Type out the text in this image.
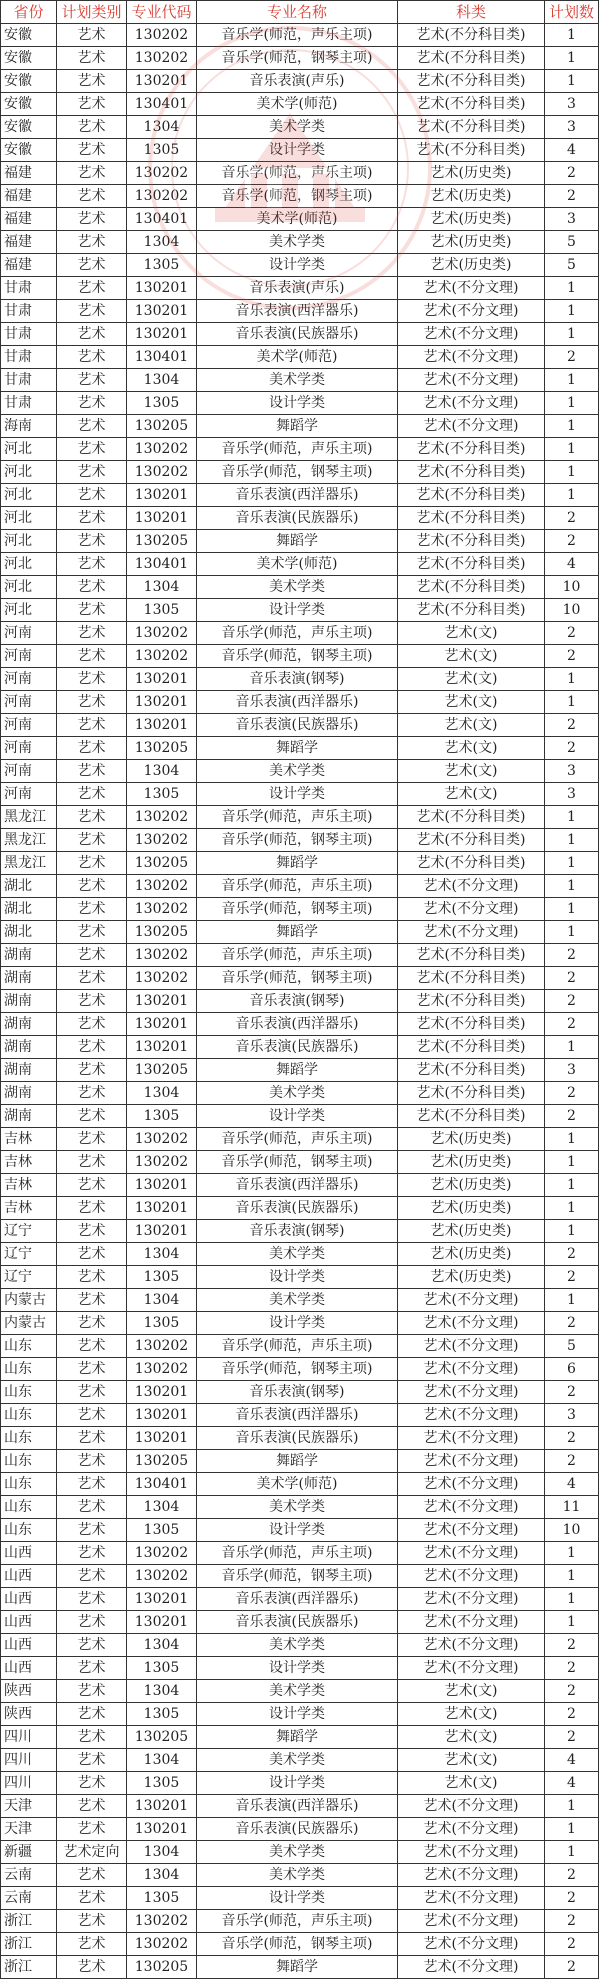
省份	计划类别	专业代码	专业名称	科类	计划数
安徽	艺术	130202	音乐学(师范，声乐主项)	艺术(不分科目类)	1
安徽	艺术	130202	音乐学(师范，钢琴主项)	艺术(不分科目类)	1
安徽	艺术	130201	音乐表演(声乐)	艺术(不分科目类)	1
安徽	艺术	130401	美术学(师范)	艺术(不分科目类)	3
安徽	艺术	1304	美术学类	艺术(不分科目类)	3
安徽	艺术	1305	设计学类	艺术(不分科目类)	4
福建	艺术	130202	音乐学(师范，声乐主项)	艺术(历史类)	2
福建	艺术	130202	音乐学(师范，钢琴主项)	艺术(历史类)	2
福建	艺术	130401	美术学(师范)	艺术(历史类)	3
福建	艺术	1304	美术学类	艺术(历史类)	5
福建	艺术	1305	设计学类	艺术(历史类)	5
甘肃	艺术	130201	音乐表演(声乐)	艺术(不分文理)	1
甘肃	艺术	130201	音乐表演(西洋器乐)	艺术(不分文理)	1
甘肃	艺术	130201	音乐表演(民族器乐)	艺术(不分文理)	1
甘肃	艺术	130401	美术学(师范)	艺术(不分文理)	2
甘肃	艺术	1304	美术学类	艺术(不分文理)	1
甘肃	艺术	1305	设计学类	艺术(不分文理)	1
海南	艺术	130205	舞蹈学	艺术(不分文理)	1
河北	艺术	130202	音乐学(师范，声乐主项)	艺术(不分科目类)	1
河北	艺术	130202	音乐学(师范，钢琴主项)	艺术(不分科目类)	1
河北	艺术	130201	音乐表演(西洋器乐)	艺术(不分科目类)	1
河北	艺术	130201	音乐表演(民族器乐)	艺术(不分科目类)	2
河北	艺术	130205	舞蹈学	艺术(不分科目类)	2
河北	艺术	130401	美术学(师范)	艺术(不分科目类)	4
河北	艺术	1304	美术学类	艺术(不分科目类)	10
河北	艺术	1305	设计学类	艺术(不分科目类)	10
河南	艺术	130202	音乐学(师范，声乐主项)	艺术(文)	2
河南	艺术	130202	音乐学(师范，钢琴主项)	艺术(文)	2
河南	艺术	130201	音乐表演(钢琴)	艺术(文)	1
河南	艺术	130201	音乐表演(西洋器乐)	艺术(文)	1
河南	艺术	130201	音乐表演(民族器乐)	艺术(文)	2
河南	艺术	130205	舞蹈学	艺术(文)	2
河南	艺术	1304	美术学类	艺术(文)	3
河南	艺术	1305	设计学类	艺术(文)	3
黑龙江	艺术	130202	音乐学(师范，声乐主项)	艺术(不分科目类)	1
黑龙江	艺术	130202	音乐学(师范，钢琴主项)	艺术(不分科目类)	1
黑龙江	艺术	130205	舞蹈学	艺术(不分科目类)	1
湖北	艺术	130202	音乐学(师范，声乐主项)	艺术(不分文理)	1
湖北	艺术	130202	音乐学(师范，钢琴主项)	艺术(不分文理)	1
湖北	艺术	130205	舞蹈学	艺术(不分文理)	1
湖南	艺术	130202	音乐学(师范，声乐主项)	艺术(不分科目类)	2
湖南	艺术	130202	音乐学(师范，钢琴主项)	艺术(不分科目类)	2
湖南	艺术	130201	音乐表演(钢琴)	艺术(不分科目类)	2
湖南	艺术	130201	音乐表演(西洋器乐)	艺术(不分科目类)	2
湖南	艺术	130201	音乐表演(民族器乐)	艺术(不分科目类)	1
湖南	艺术	130205	舞蹈学	艺术(不分科目类)	3
湖南	艺术	1304	美术学类	艺术(不分科目类)	2
湖南	艺术	1305	设计学类	艺术(不分科目类)	2
吉林	艺术	130202	音乐学(师范，声乐主项)	艺术(历史类)	1
吉林	艺术	130202	音乐学(师范，钢琴主项)	艺术(历史类)	1
吉林	艺术	130201	音乐表演(西洋器乐)	艺术(历史类)	1
吉林	艺术	130201	音乐表演(民族器乐)	艺术(历史类)	1
辽宁	艺术	130201	音乐表演(钢琴)	艺术(历史类)	1
辽宁	艺术	1304	美术学类	艺术(历史类)	2
辽宁	艺术	1305	设计学类	艺术(历史类)	2
内蒙古	艺术	1304	美术学类	艺术(不分文理)	1
内蒙古	艺术	1305	设计学类	艺术(不分文理)	2
山东	艺术	130202	音乐学(师范，声乐主项)	艺术(不分文理)	5
山东	艺术	130202	音乐学(师范，钢琴主项)	艺术(不分文理)	6
山东	艺术	130201	音乐表演(钢琴)	艺术(不分文理)	2
山东	艺术	130201	音乐表演(西洋器乐)	艺术(不分文理)	3
山东	艺术	130201	音乐表演(民族器乐)	艺术(不分文理)	2
山东	艺术	130205	舞蹈学	艺术(不分文理)	2
山东	艺术	130401	美术学(师范)	艺术(不分文理)	4
山东	艺术	1304	美术学类	艺术(不分文理)	11
山东	艺术	1305	设计学类	艺术(不分文理)	10
山西	艺术	130202	音乐学(师范，声乐主项)	艺术(不分文理)	1
山西	艺术	130202	音乐学(师范，钢琴主项)	艺术(不分文理)	1
山西	艺术	130201	音乐表演(西洋器乐)	艺术(不分文理)	1
山西	艺术	130201	音乐表演(民族器乐)	艺术(不分文理)	1
山西	艺术	1304	美术学类	艺术(不分文理)	2
山西	艺术	1305	设计学类	艺术(不分文理)	2
陕西	艺术	1304	美术学类	艺术(文)	2
陕西	艺术	1305	设计学类	艺术(文)	2
四川	艺术	130205	舞蹈学	艺术(文)	2
四川	艺术	1304	美术学类	艺术(文)	4
四川	艺术	1305	设计学类	艺术(文)	4
天津	艺术	130201	音乐表演(西洋器乐)	艺术(不分文理)	1
天津	艺术	130201	音乐表演(民族器乐)	艺术(不分文理)	1
新疆	艺术定向	1304	美术学类	艺术(不分文理)	1
云南	艺术	1304	美术学类	艺术(不分文理)	2
云南	艺术	1305	设计学类	艺术(不分文理)	2
浙江	艺术	130202	音乐学(师范，声乐主项)	艺术(不分文理)	2
浙江	艺术	130202	音乐学(师范，钢琴主项)	艺术(不分文理)	2
浙江	艺术	130205	舞蹈学	艺术(不分文理)	2
